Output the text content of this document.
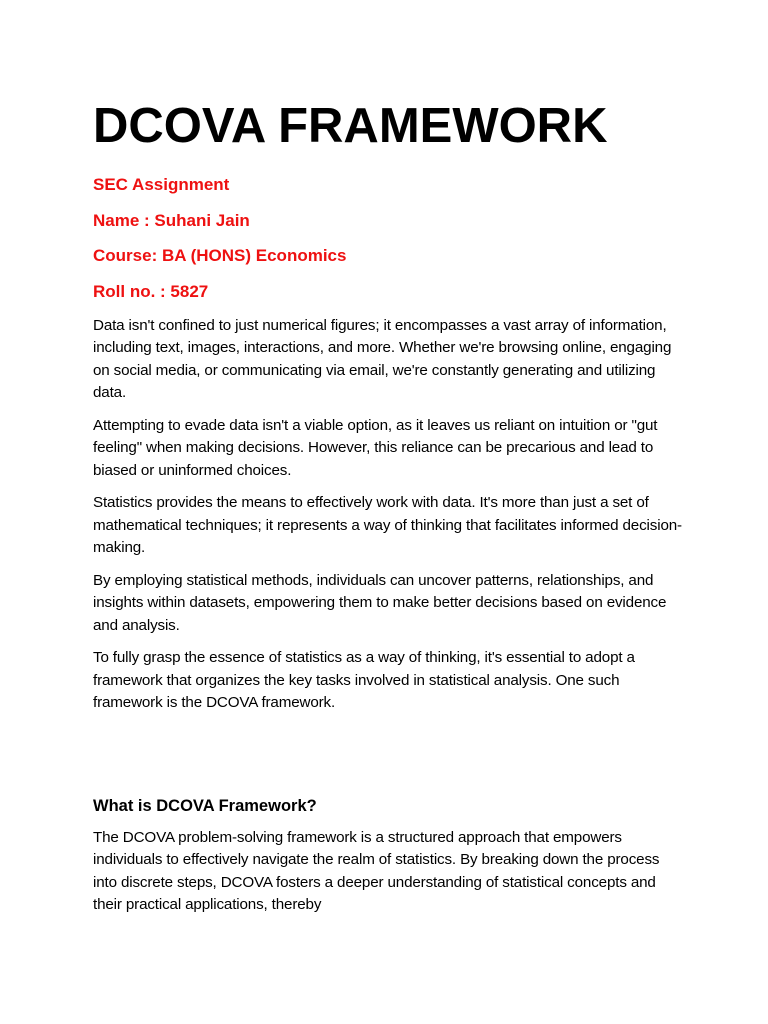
DCOVA FRAMEWORK

SEC Assignment

Name : Suhani Jain

Course: BA (HONS) Economics

Roll no. : 5827

Data isn't confined to just numerical figures; it encompasses a vast array of information, including text, images, interactions, and more. Whether we're browsing online, engaging on social media, or communicating via email, we're constantly generating and utilizing data.

Attempting to evade data isn't a viable option, as it leaves us reliant on intuition or "gut feeling" when making decisions. However, this reliance can be precarious and lead to biased or uninformed choices.

Statistics provides the means to effectively work with data. It's more than just a set of mathematical techniques; it represents a way of thinking that facilitates informed decision-making.

By employing statistical methods, individuals can uncover patterns, relationships, and insights within datasets, empowering them to make better decisions based on evidence and analysis.

To fully grasp the essence of statistics as a way of thinking, it's essential to adopt a framework that organizes the key tasks involved in statistical analysis. One such framework is the DCOVA framework.

What is DCOVA Framework?

The DCOVA problem-solving framework is a structured approach that empowers individuals to effectively navigate the realm of statistics. By breaking down the process into discrete steps, DCOVA fosters a deeper understanding of statistical concepts and their practical applications, thereby
